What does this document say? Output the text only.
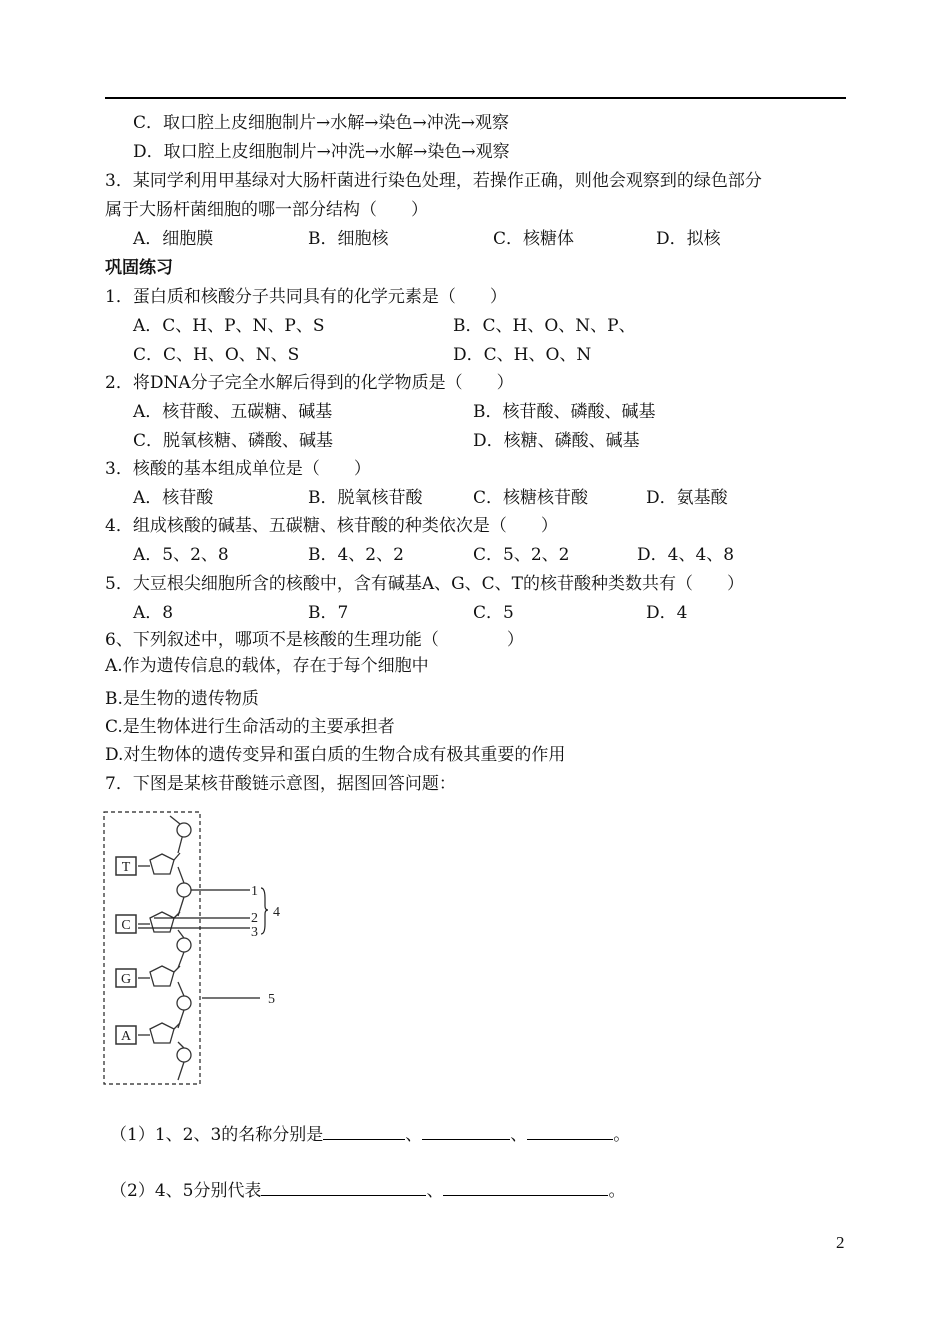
C．取口腔上皮细胞制片→水解→染色→冲洗→观察
D．取口腔上皮细胞制片→冲洗→水解→染色→观察
3．某同学利用甲基绿对大肠杆菌进行染色处理，若操作正确，则他会观察到的绿色部分
属于大肠杆菌细胞的哪一部分结构（　　）
A．细胞膜	B．细胞核	C．核糖体	D．拟核
巩固练习
1．蛋白质和核酸分子共同具有的化学元素是（　　）
A．C、H、P、N、P、S	B．C、H、O、N、P、
C．C、H、O、N、S	D．C、H、O、N
2．将DNA分子完全水解后得到的化学物质是（　　）
A．核苷酸、五碳糖、碱基	B．核苷酸、磷酸、碱基
C．脱氧核糖、磷酸、碱基	D．核糖、磷酸、碱基
3．核酸的基本组成单位是（　　）
A．核苷酸	B．脱氧核苷酸	C．核糖核苷酸	D．氨基酸
4．组成核酸的碱基、五碳糖、核苷酸的种类依次是（　　）
A．5、2、8	B．4、2、2	C．5、2、2	D．4、4、8
5．大豆根尖细胞所含的核酸中，含有碱基A、G、C、T的核苷酸种类数共有（　　）
A．8	B．7	C．5	D．4
6、下列叙述中，哪项不是核酸的生理功能（　　　　）
A.作为遗传信息的载体，存在于每个细胞中
B.是生物的遗传物质
C.是生物体进行生命活动的主要承担者
D.对生物体的遗传变异和蛋白质的生物合成有极其重要的作用
7．下图是某核苷酸链示意图，据图回答问题：
T
C
G
A
1
2
3
4
5
（1）1、2、3的名称分别是	、	、	。
（2）4、5分别代表	、	。
2
